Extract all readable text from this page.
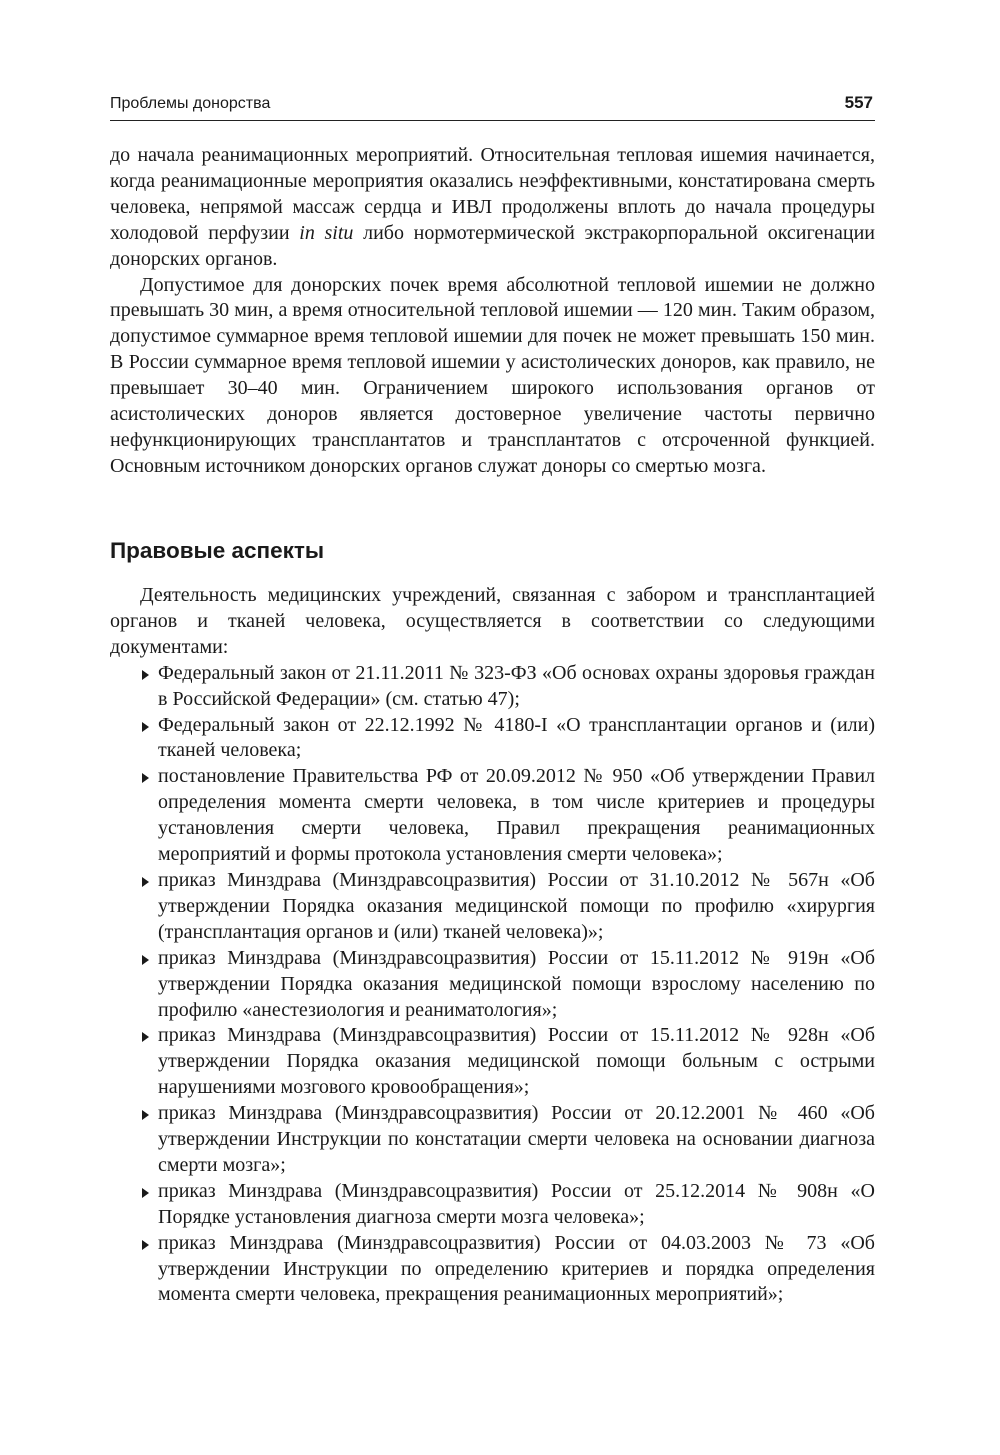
Проблемы донорства	557

до начала реанимационных мероприятий. Относительная тепловая ишемия начинается, когда реанимационные мероприятия оказались неэффективными, констатирована смерть человека, непрямой массаж сердца и ИВЛ продолжены вплоть до начала процедуры холодовой перфузии in situ либо нормотермической экстракорпоральной оксигенации донорских органов.

Допустимое для донорских почек время абсолютной тепловой ишемии не должно превышать 30 мин, а время относительной тепловой ишемии — 120 мин. Таким образом, допустимое суммарное время тепловой ишемии для почек не может превышать 150 мин. В России суммарное время тепловой ишемии у асистолических доноров, как правило, не превышает 30–40 мин. Ограничением широкого использования органов от асистолических доноров является достоверное увеличение частоты первично нефункционирующих трансплантатов и трансплантатов с отсроченной функцией. Основным источником донорских органов служат доноры со смертью мозга.

Правовые аспекты

Деятельность медицинских учреждений, связанная с забором и трансплантацией органов и тканей человека, осуществляется в соответствии со следующими документами:

Федеральный закон от 21.11.2011 № 323-ФЗ «Об основах охраны здоровья граждан в Российской Федерации» (см. статью 47);
Федеральный закон от 22.12.1992 № 4180-I «О трансплантации органов и (или) тканей человека;
постановление Правительства РФ от 20.09.2012 № 950 «Об утверждении Правил определения момента смерти человека, в том числе критериев и процедуры установления смерти человека, Правил прекращения реанимационных мероприятий и формы протокола установления смерти человека»;
приказ Минздрава (Минздравсоцразвития) России от 31.10.2012 № 567н «Об утверждении Порядка оказания медицинской помощи по профилю «хирургия (трансплантация органов и (или) тканей человека)»;
приказ Минздрава (Минздравсоцразвития) России от 15.11.2012 № 919н «Об утверждении Порядка оказания медицинской помощи взрослому населению по профилю «анестезиология и реаниматология»;
приказ Минздрава (Минздравсоцразвития) России от 15.11.2012 № 928н «Об утверждении Порядка оказания медицинской помощи больным с острыми нарушениями мозгового кровообращения»;
приказ Минздрава (Минздравсоцразвития) России от 20.12.2001 № 460 «Об утверждении Инструкции по констатации смерти человека на основании диагноза смерти мозга»;
приказ Минздрава (Минздравсоцразвития) России от 25.12.2014 № 908н «О Порядке установления диагноза смерти мозга человека»;
приказ Минздрава (Минздравсоцразвития) России от 04.03.2003 № 73 «Об утверждении Инструкции по определению критериев и порядка определения момента смерти человека, прекращения реанимационных мероприятий»;
